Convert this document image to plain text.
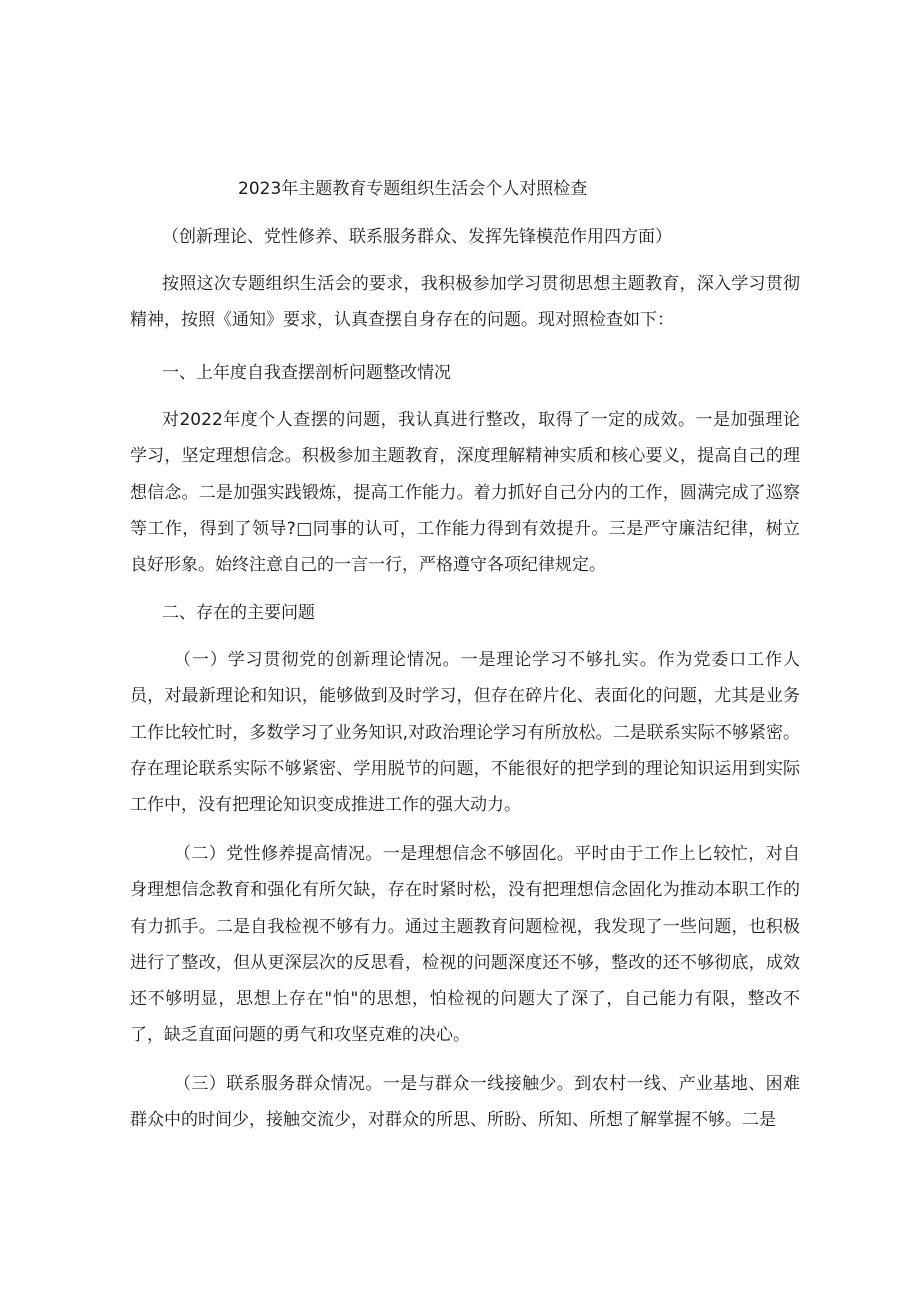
2023年主题教育专题组织生活会个人对照检查
（创新理论、党性修养、联系服务群众、发挥先锋模范作用四方面）

按照这次专题组织生活会的要求，我积极参加学习贯彻思想主题教育，深入学习贯彻精神，按照《通知》要求，认真查摆自身存在的问题。现对照检查如下：

一、上年度自我查摆剖析问题整改情况

对2022年度个人查摆的问题，我认真进行整改，取得了一定的成效。一是加强理论学习，坚定理想信念。积极参加主题教育，深度理解精神实质和核心要义，提高自己的理想信念。二是加强实践锻炼，提高工作能力。着力抓好自己分内的工作，圆满完成了巡察等工作，得到了领导?□同事的认可，工作能力得到有效提升。三是严守廉洁纪律，树立良好形象。始终注意自己的一言一行，严格遵守各项纪律规定。

二、存在的主要问题

（一）学习贯彻党的创新理论情况。一是理论学习不够扎实。作为党委口工作人员，对最新理论和知识，能够做到及时学习，但存在碎片化、表面化的问题，尤其是业务工作比较忙时，多数学习了业务知识,对政治理论学习有所放松。二是联系实际不够紧密。存在理论联系实际不够紧密、学用脱节的问题，不能很好的把学到的理论知识运用到实际工作中，没有把理论知识变成推进工作的强大动力。

（二）党性修养提高情况。一是理想信念不够固化。平时由于工作上匕较忙，对自身理想信念教育和强化有所欠缺，存在时紧时松，没有把理想信念固化为推动本职工作的有力抓手。二是自我检视不够有力。通过主题教育问题检视，我发现了一些问题，也积极进行了整改，但从更深层次的反思看，检视的问题深度还不够，整改的还不够彻底，成效还不够明显，思想上存在"怕"的思想，怕检视的问题大了深了，自己能力有限，整改不了，缺乏直面问题的勇气和攻坚克难的决心。

（三）联系服务群众情况。一是与群众一线接触少。到农村一线、产业基地、困难群众中的时间少，接触交流少，对群众的所思、所盼、所知、所想了解掌握不够。二是
